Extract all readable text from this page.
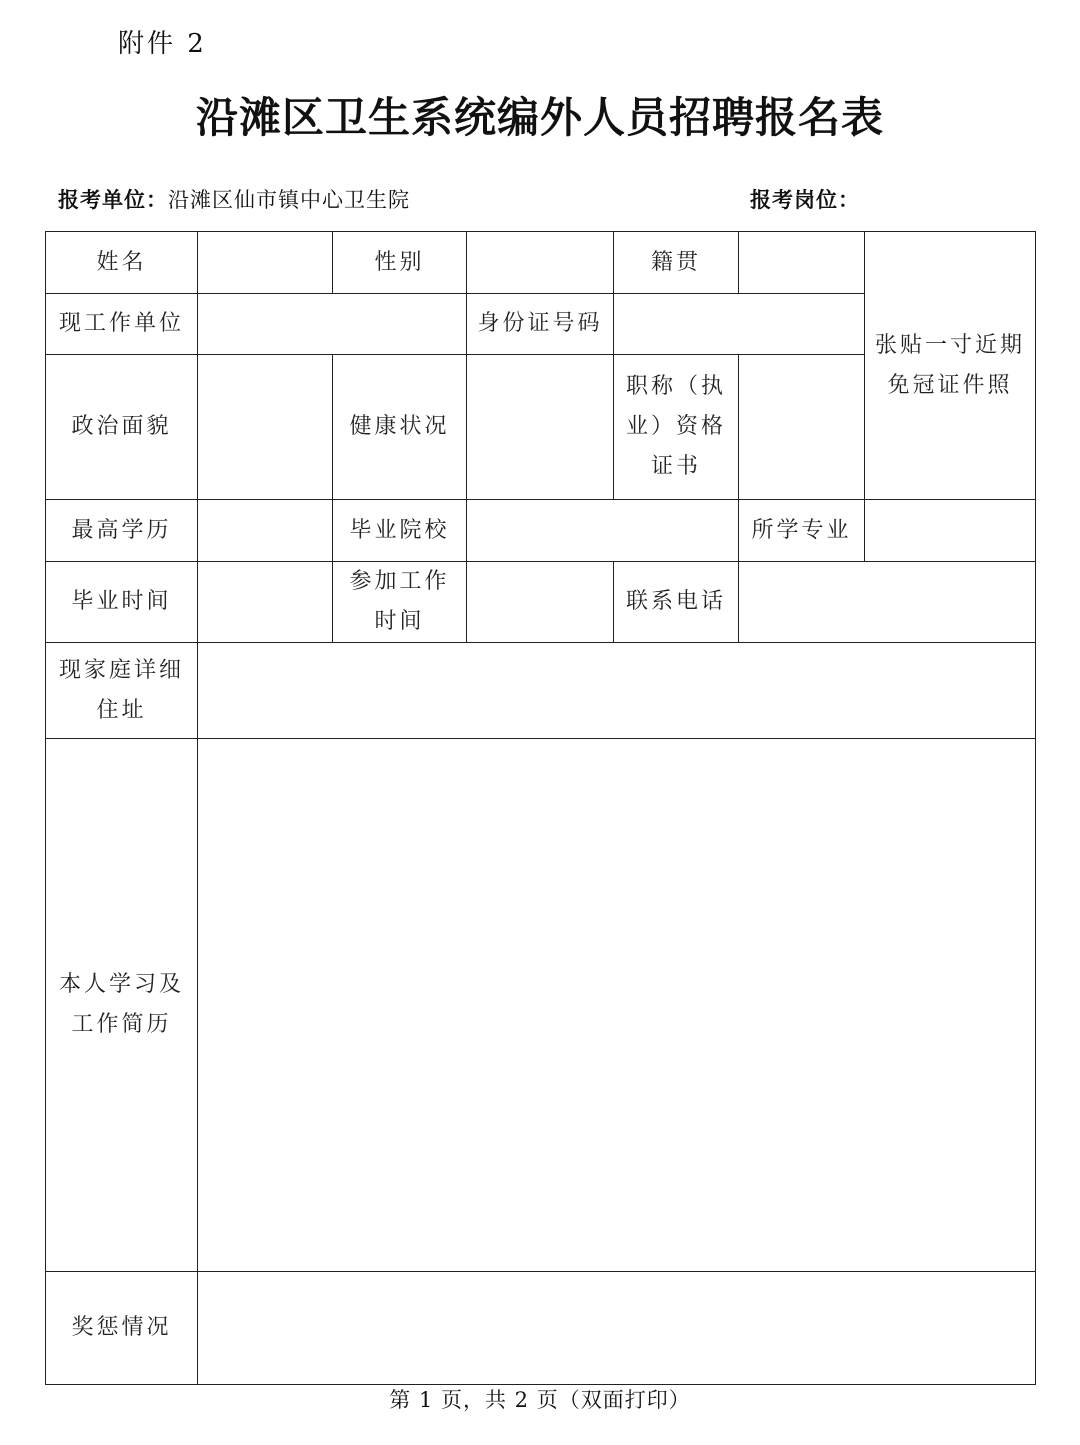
附件 2
沿滩区卫生系统编外人员招聘报名表
报考单位：沿滩区仙市镇中心卫生院	报考岗位：
姓名		性别		籍贯		张贴一寸近期免冠证件照
现工作单位			身份证号码			
政治面貌		健康状况		职称（执业）资格证书		
最高学历		毕业院校			所学专业	
毕业时间		参加工作时间		联系电话		
现家庭详细住址						
本人学习及工作简历						
奖惩情况						
第 1 页，共 2 页（双面打印）
